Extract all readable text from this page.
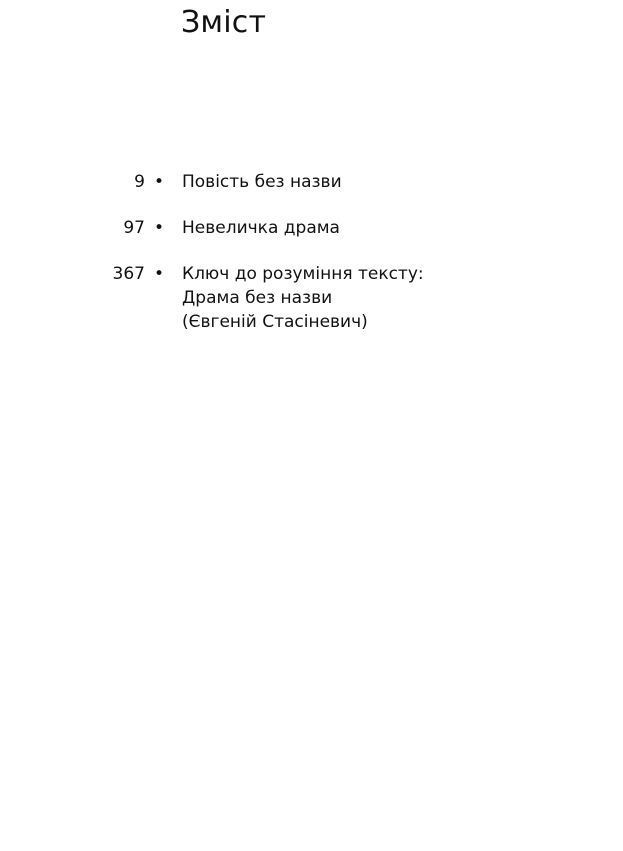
Зміст
9 • Повість без назви
97 • Невеличка драма
367 • Ключ до розуміння тексту:
Драма без назви
(Євгеній Стасіневич)
